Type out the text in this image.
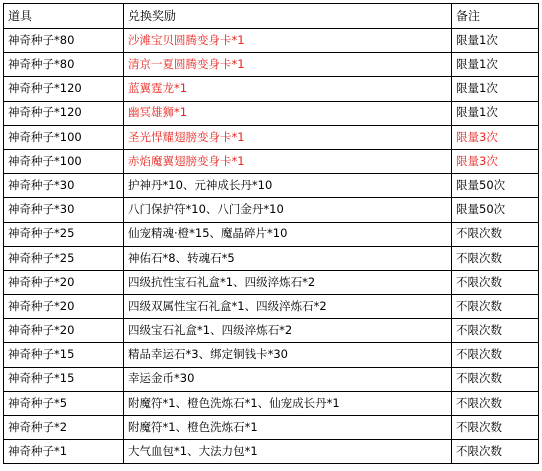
道具	兑换奖励	备注
神奇种子*80	沙滩宝贝圆腾变身卡*1	限量1次
神奇种子*80	清京一夏圆腾变身卡*1	限量1次
神奇种子*120	蓝翼霆龙*1	限量1次
神奇种子*120	幽冥雄狮*1	限量1次
神奇种子*100	圣光悍耀翅膀变身卡*1	限量3次
神奇种子*100	赤焰魔翼翅膀变身卡*1	限量3次
神奇种子*30	护神丹*10、元神成长丹*10	限量50次
神奇种子*30	八门保护符*10、八门金丹*10	限量50次
神奇种子*25	仙宠精魂·橙*15、魔晶碎片*10	不限次数
神奇种子*25	神佑石*8、转魂石*5	不限次数
神奇种子*20	四级抗性宝石礼盒*1、四级淬炼石*2	不限次数
神奇种子*20	四级双属性宝石礼盒*1、四级淬炼石*2	不限次数
神奇种子*20	四级宝石礼盒*1、四级淬炼石*2	不限次数
神奇种子*15	精品幸运石*3、绑定铜钱卡*30	不限次数
神奇种子*15	幸运金币*30	不限次数
神奇种子*5	附魔符*1、橙色洗炼石*1、仙宠成长丹*1	不限次数
神奇种子*2	附魔符*1、橙色洗炼石*1	不限次数
神奇种子*1	大气血包*1、大法力包*1	不限次数
